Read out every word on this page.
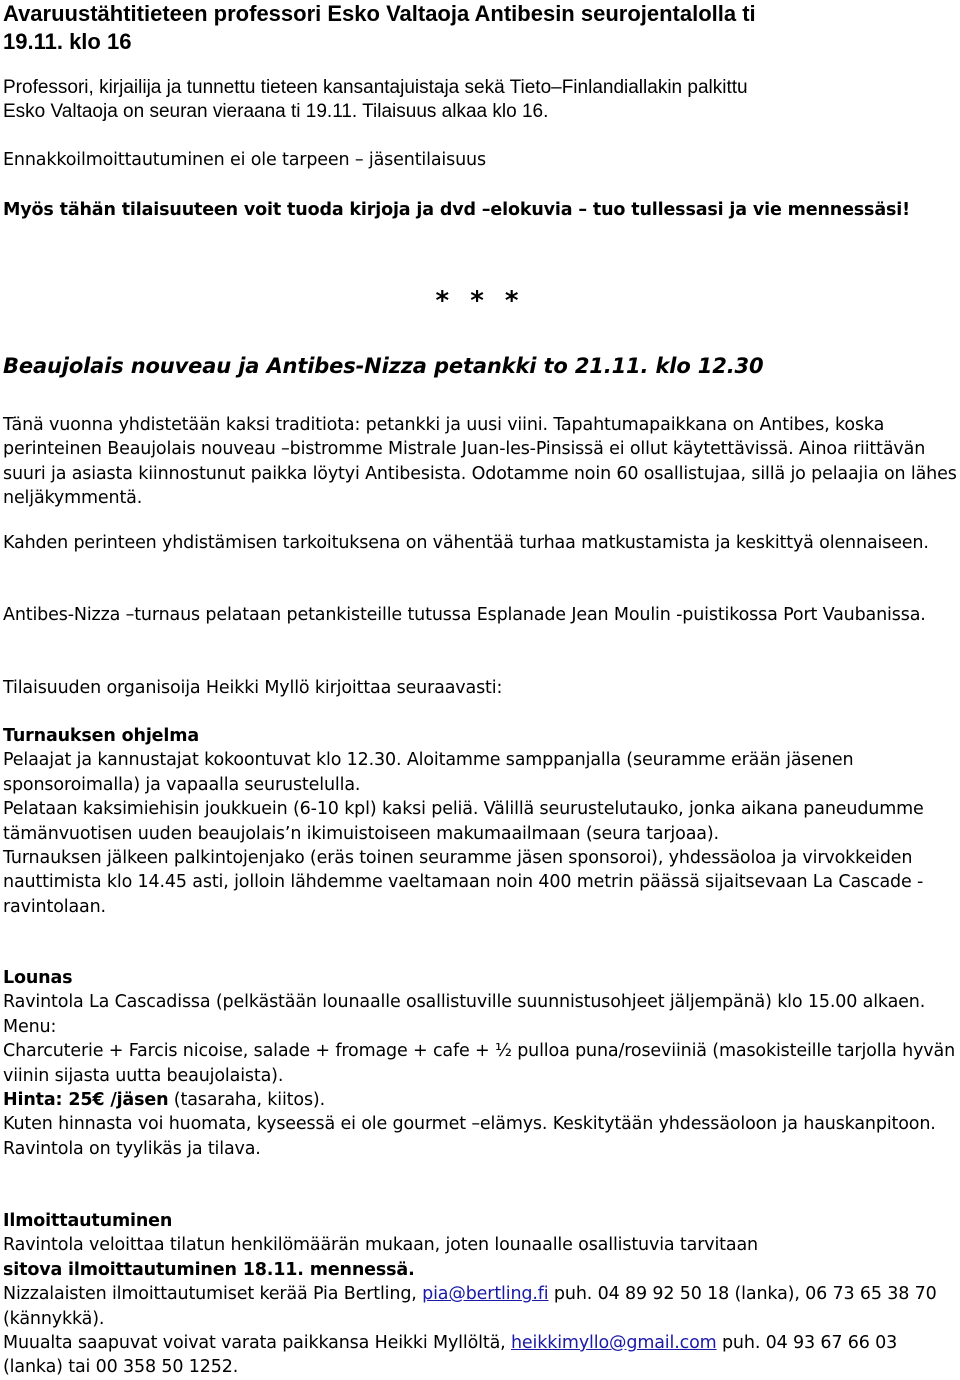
Avaruustähtitieteen professori Esko Valtaoja Antibesin seurojentalolla ti
19.11. klo 16

Professori, kirjailija ja tunnettu tieteen kansantajuistaja sekä Tieto–Finlandiallakin palkittu
Esko Valtaoja on seuran vieraana ti 19.11. Tilaisuus alkaa klo 16.

Ennakkoilmoittautuminen ei ole tarpeen – jäsentilaisuus

Myös tähän tilaisuuteen voit tuoda kirjoja ja dvd –elokuvia – tuo tullessasi ja vie mennessäsi!

* * *

Beaujolais nouveau ja Antibes-Nizza petankki to 21.11. klo 12.30

Tänä vuonna yhdistetään kaksi traditiota: petankki ja uusi viini. Tapahtumapaikkana on Antibes, koska perinteinen Beaujolais nouveau –bistromme Mistrale Juan-les-Pinsissä ei ollut käytettävissä. Ainoa riittävän suuri ja asiasta kiinnostunut paikka löytyi Antibesista. Odotamme noin 60 osallistujaa, sillä jo pelaajia on lähes neljäkymmentä.

Kahden perinteen yhdistämisen tarkoituksena on vähentää turhaa matkustamista ja keskittyä olennaiseen.

Antibes-Nizza –turnaus pelataan petankisteille tutussa Esplanade Jean Moulin -puistikossa Port Vaubanissa.

Tilaisuuden organisoija Heikki Myllö kirjoittaa seuraavasti:

Turnauksen ohjelma
Pelaajat ja kannustajat kokoontuvat klo 12.30. Aloitamme samppanjalla (seuramme erään jäsenen sponsoroimalla) ja vapaalla seurustelulla.
Pelataan kaksimiehisin joukkuein (6-10 kpl) kaksi peliä. Välillä seurustelutauko, jonka aikana paneudumme tämänvuotisen uuden beaujolais’n ikimuistoiseen makumaailmaan (seura tarjoaa).
Turnauksen jälkeen palkintojenjako (eräs toinen seuramme jäsen sponsoroi), yhdessäoloa ja virvokkeiden nauttimista klo 14.45 asti, jolloin lähdemme vaeltamaan noin 400 metrin päässä sijaitsevaan La Cascade -ravintolaan.
Lounas
Ravintola La Cascadissa (pelkästään lounaalle osallistuville suunnistusohjeet jäljempänä) klo 15.00 alkaen.
Menu:
Charcuterie + Farcis nicoise, salade + fromage + cafe + ½ pulloa puna/roseviiniä (masokisteille tarjolla hyvän viinin sijasta uutta beaujolaista).
Hinta: 25€ /jäsen (tasaraha, kiitos).
Kuten hinnasta voi huomata, kyseessä ei ole gourmet –elämys. Keskitytään yhdessäoloon ja hauskanpitoon. Ravintola on tyylikäs ja tilava.
Ilmoittautuminen
Ravintola veloittaa tilatun henkilömäärän mukaan, joten lounaalle osallistuvia tarvitaan
sitova ilmoittautuminen 18.11. mennessä.
Nizzalaisten ilmoittautumiset kerää Pia Bertling, pia@bertling.fi puh. 04 89 92 50 18 (lanka), 06 73 65 38 70 (kännykkä).
Muualta saapuvat voivat varata paikkansa Heikki Myllöltä, heikkimyllo@gmail.com puh. 04 93 67 66 03 (lanka) tai 00 358 50 1252.
